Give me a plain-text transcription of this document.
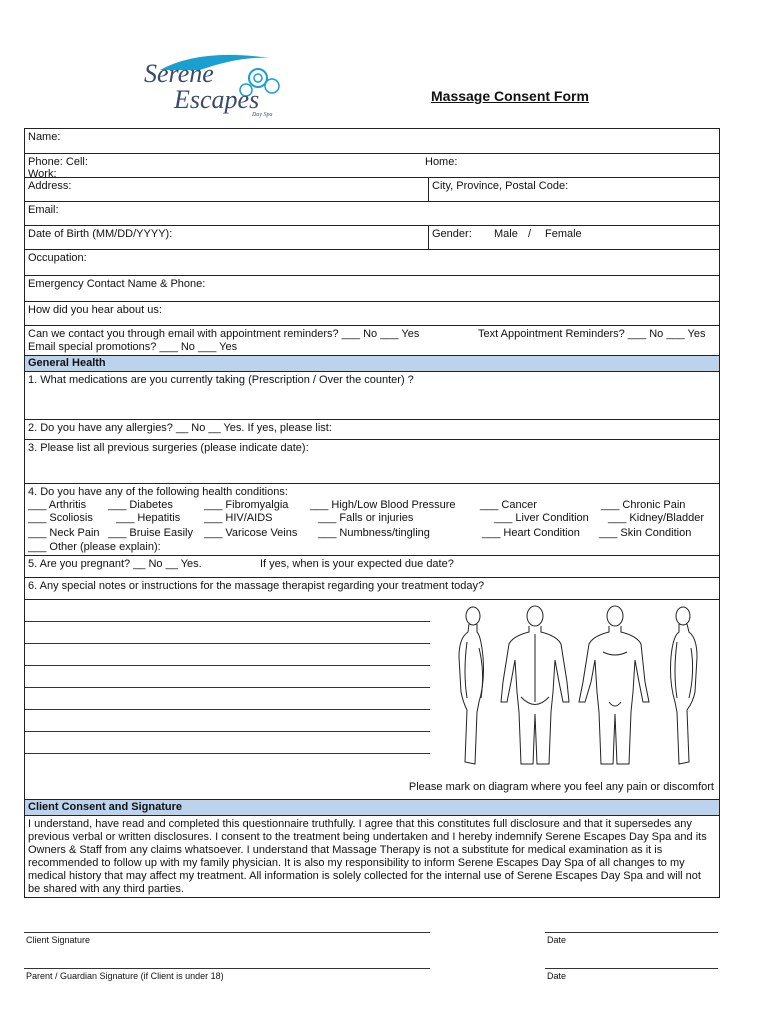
Serene
Escapes
Day Spa
Massage Consent Form
Name:
Phone: Cell:
Work:
Home:
Address:	City, Province, Postal Code:
Email:
Date of Birth (MM/DD/YYYY):	Gender: Male / Female
Occupation:
Emergency Contact Name & Phone:
How did you hear about us:
Can we contact you through email with appointment reminders? ___ No ___ Yes	Text Appointment Reminders? ___ No ___ Yes
Email special promotions? ___ No ___ Yes
General Health
1. What medications are you currently taking (Prescription / Over the counter) ?
2. Do you have any allergies? __ No __ Yes. If yes, please list:
3. Please list all previous surgeries (please indicate date):
4. Do you have any of the following health conditions:
___ Arthritis ___ Diabetes	___ Fibromyalgia ___ High/Low Blood Pressure ___ Cancer	___ Chronic Pain
___ Scoliosis ___ Hepatitis ___ HIV/AIDS	___ Falls or injuries	___ Liver Condition ___ Kidney/Bladder
___ Neck Pain ___ Bruise Easily ___ Varicose Veins ___ Numbness/tingling	___ Heart Condition ___ Skin Condition
___ Other (please explain):
5. Are you pregnant? __ No __ Yes.	If yes, when is your expected due date?
6. Any special notes or instructions for the massage therapist regarding your treatment today?
Please mark on diagram where you feel any pain or discomfort
Client Consent and Signature
I understand, have read and completed this questionnaire truthfully. I agree that this constitutes full disclosure and that it supersedes any previous verbal or written disclosures. I consent to the treatment being undertaken and I hereby indemnify Serene Escapes Day Spa and its Owners & Staff from any claims whatsoever. I understand that Massage Therapy is not a substitute for medical examination as it is recommended to follow up with my family physician. It is also my responsibility to inform Serene Escapes Day Spa of all changes to my medical history that may affect my treatment. All information is solely collected for the internal use of Serene Escapes Day Spa and will not be shared with any third parties.
Client Signature	Date
Parent / Guardian Signature (if Client is under 18)	Date
